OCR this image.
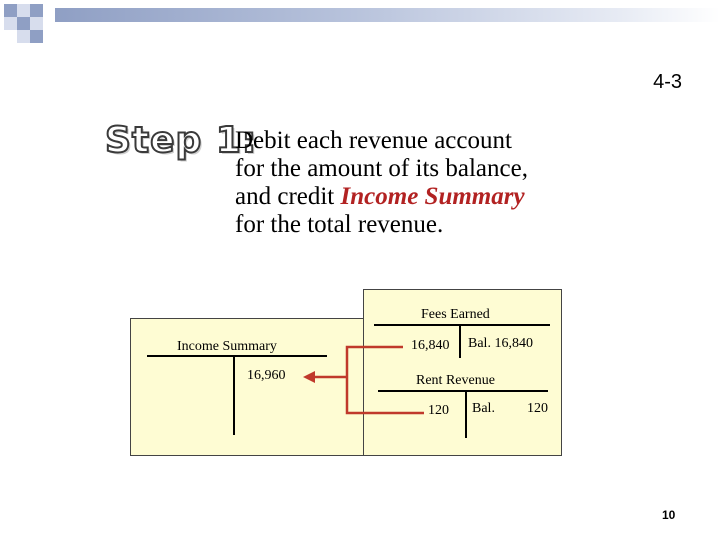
4-3
Step 1:
Debit each revenue account
for the amount of its balance,
and credit Income Summary
for the total revenue.
Income Summary
16,960
Fees Earned
16,840 Bal. 16,840
Rent Revenue
120 Bal. 120
10
